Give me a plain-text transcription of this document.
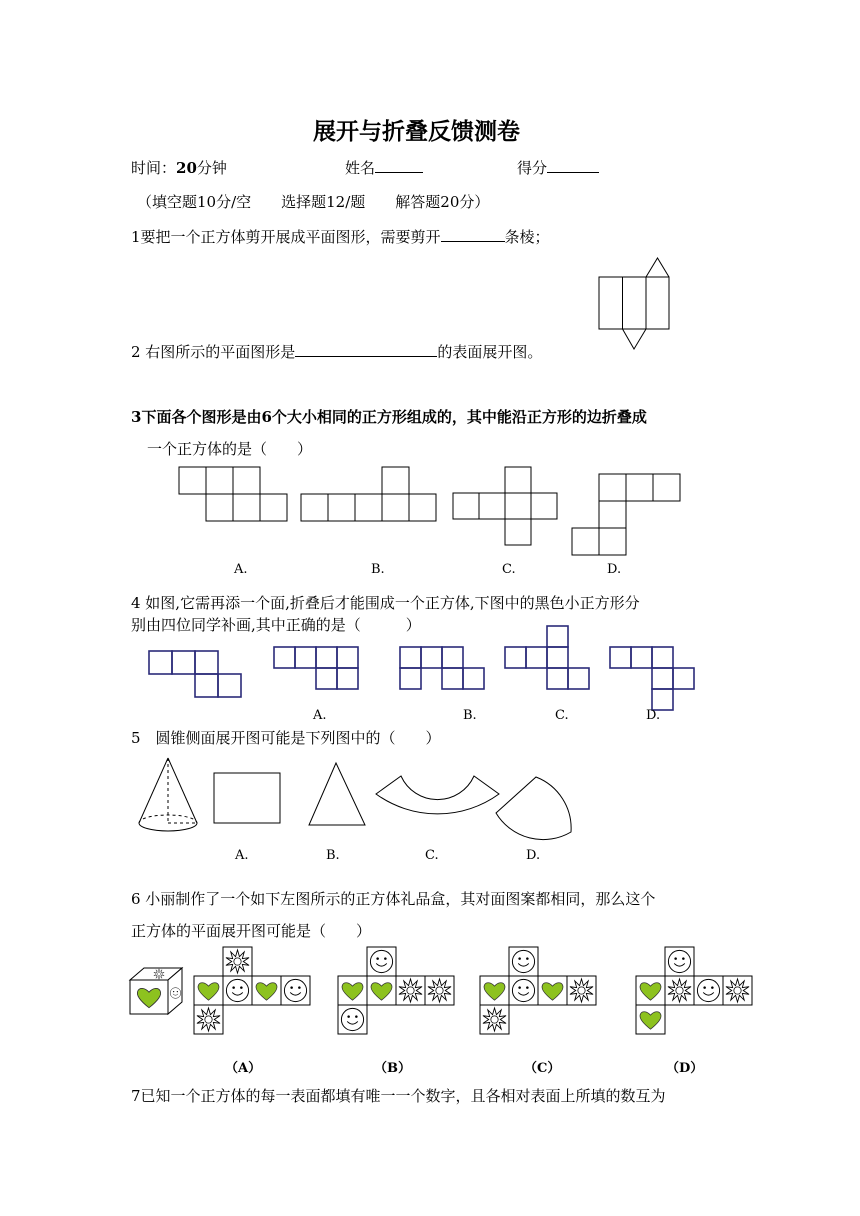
展开与折叠反馈测卷
时间：20分钟	姓名	得分
（填空题10分/空　　选择题12/题　　解答题20分）
1要把一个正方体剪开展成平面图形，需要剪开	条棱；
2 右图所示的平面图形是	的表面展开图。
3下面各个图形是由6个大小相同的正方形组成的，其中能沿正方形的边折叠成
一个正方体的是（　　）
A.	B.	C.	D.
4 如图,它需再添一个面,折叠后才能围成一个正方体,下图中的黑色小正方形分
别由四位同学补画,其中正确的是（　　　）
A.	B.	C.	D.
5　圆锥侧面展开图可能是下列图中的（　　）
A.	B.	C.	D.
6 小丽制作了一个如下左图所示的正方体礼品盒，其对面图案都相同，那么这个
正方体的平面展开图可能是（　　）
（A）	（B）	（C）	（D）
7已知一个正方体的每一表面都填有唯一一个数字，且各相对表面上所填的数互为
